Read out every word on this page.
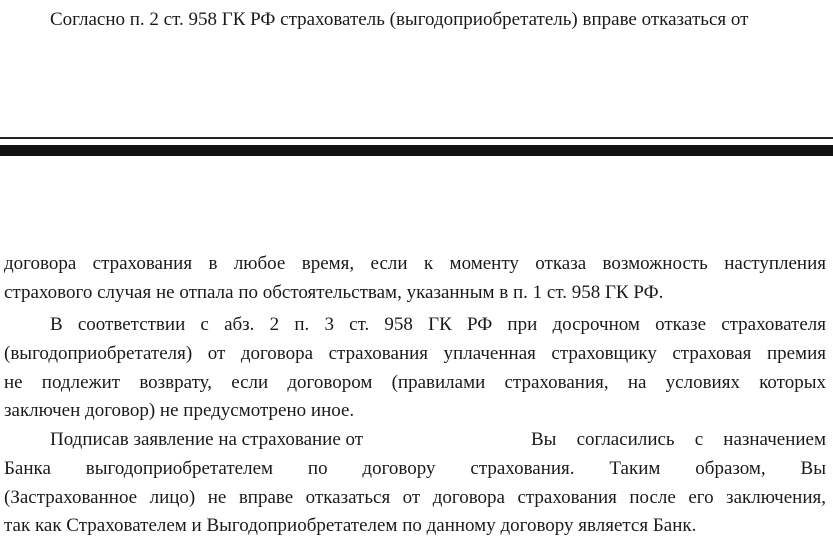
Согласно п. 2 ст. 958 ГК РФ страхователь (выгодоприобретатель) вправе отказаться от
договора страхования в любое время, если к моменту отказа возможность наступления
страхового случая не отпала по обстоятельствам, указанным в п. 1 ст. 958 ГК РФ.
В соответствии с абз. 2 п. 3 ст. 958 ГК РФ при досрочном отказе страхователя
(выгодоприобретателя) от договора страхования уплаченная страховщику страховая премия
не подлежит возврату, если договором (правилами страхования, на условиях которых
заключен договор) не предусмотрено иное.
Подписав заявление на страхование от	Вы согласились с назначением
Банка выгодоприобретателем по договору страхования. Таким образом, Вы
(Застрахованное лицо) не вправе отказаться от договора страхования после его заключения,
так как Страхователем и Выгодоприобретателем по данному договору является Банк.
